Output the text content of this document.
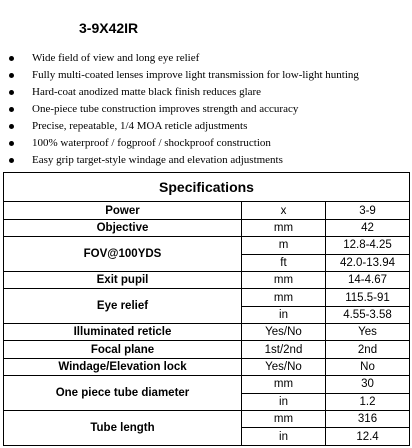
3-9X42IR
Wide field of view and long eye relief
Fully multi-coated lenses improve light transmission for low-light hunting
Hard-coat anodized matte black finish reduces glare
One-piece tube construction improves strength and accuracy
Precise, repeatable, 1/4 MOA reticle adjustments
100% waterproof / fogproof / shockproof construction
Easy grip target-style windage and elevation adjustments
Specifications		
Power	x	3-9
Objective	mm	42
FOV@100YDS	m	12.8-4.25
	ft	42.0-13.94
Exit pupil	mm	14-4.67
Eye relief	mm	115.5-91
	in	4.55-3.58
Illuminated reticle	Yes/No	Yes
Focal plane	1st/2nd	2nd
Windage/Elevation lock	Yes/No	No
One piece tube diameter	mm	30
	in	1.2
Tube length	mm	316
	in	12.4
